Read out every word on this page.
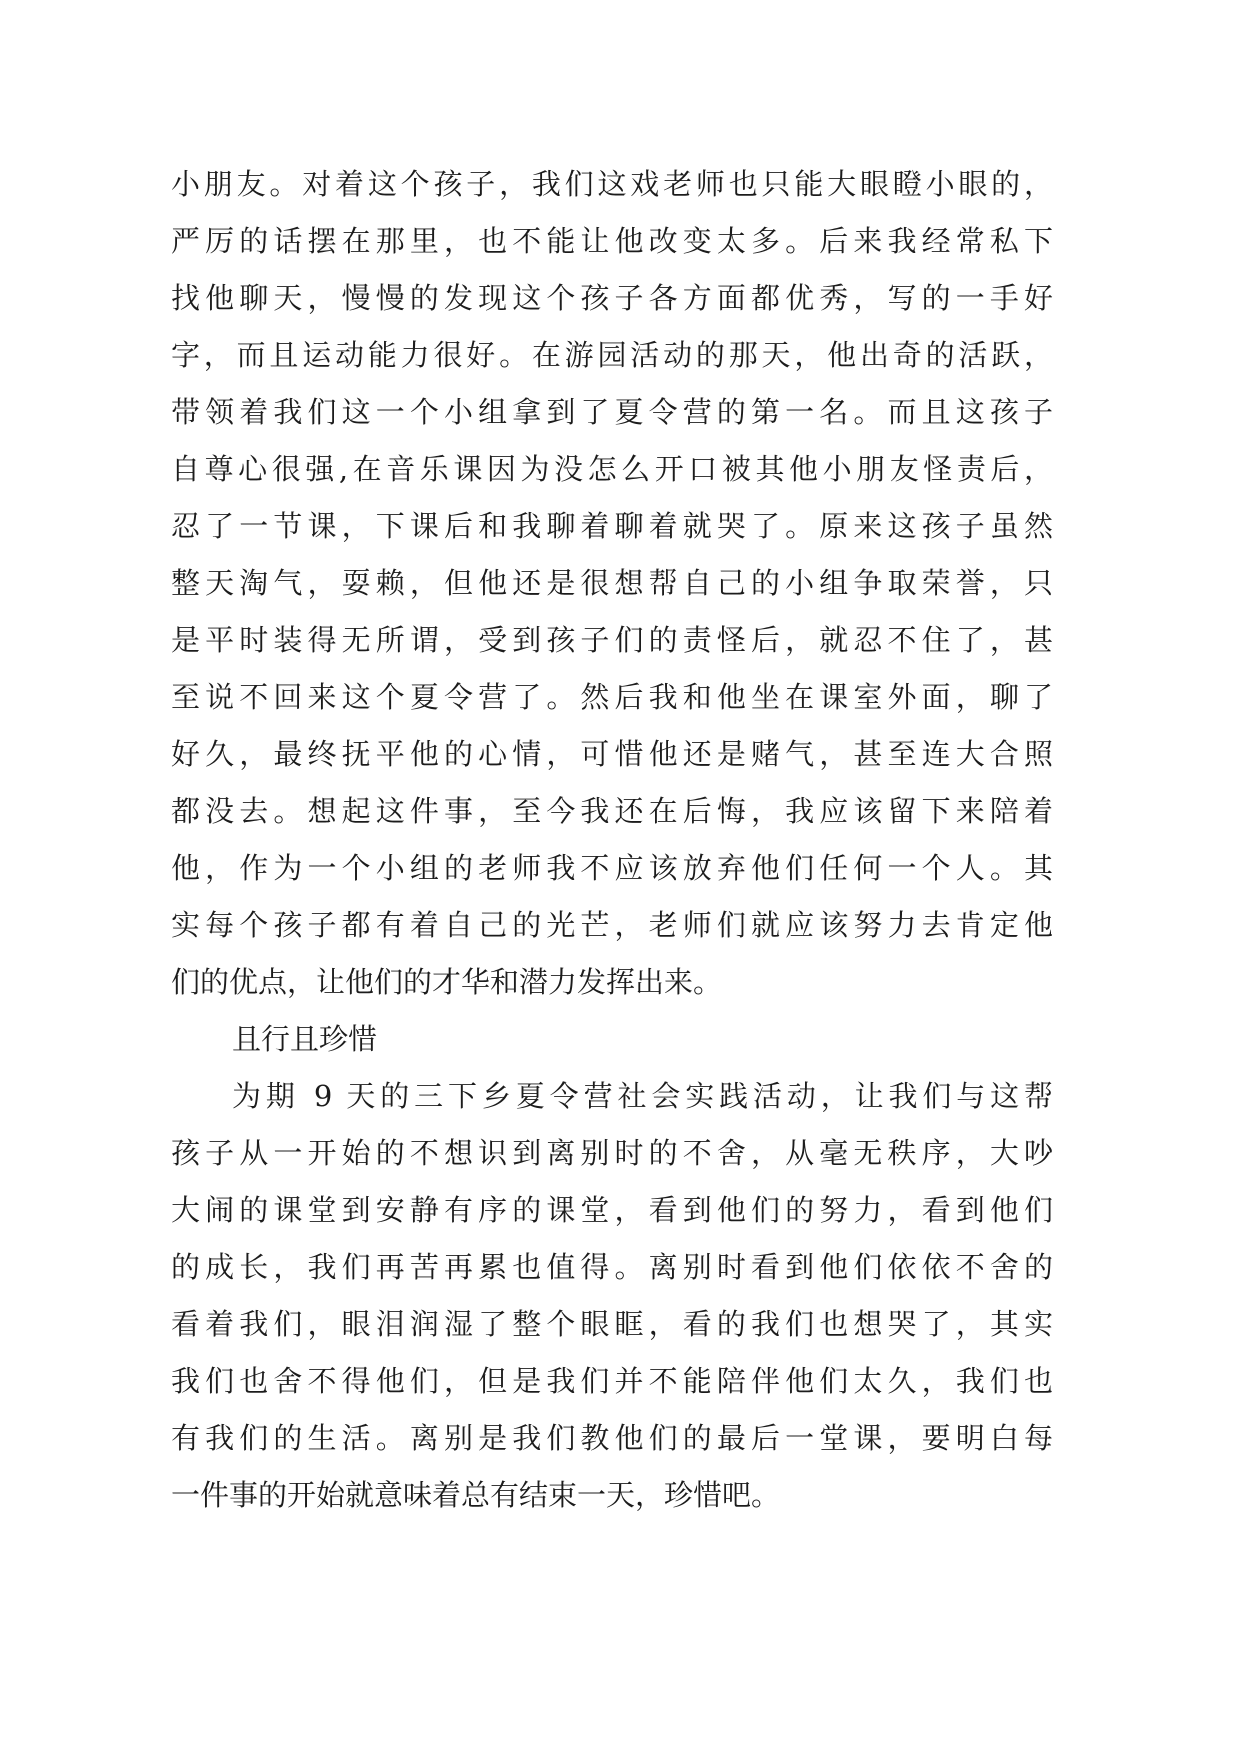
小朋友。对着这个孩子，我们这戏老师也只能大眼瞪小眼的，
严厉的话摆在那里，也不能让他改变太多。后来我经常私下
找他聊天，慢慢的发现这个孩子各方面都优秀，写的一手好
字，而且运动能力很好。在游园活动的那天，他出奇的活跃，
带领着我们这一个小组拿到了夏令营的第一名。而且这孩子
自尊心很强,在音乐课因为没怎么开口被其他小朋友怪责后，
忍了一节课，下课后和我聊着聊着就哭了。原来这孩子虽然
整天淘气，耍赖，但他还是很想帮自己的小组争取荣誉，只
是平时装得无所谓，受到孩子们的责怪后，就忍不住了，甚
至说不回来这个夏令营了。然后我和他坐在课室外面，聊了
好久，最终抚平他的心情，可惜他还是赌气，甚至连大合照
都没去。想起这件事，至今我还在后悔，我应该留下来陪着
他，作为一个小组的老师我不应该放弃他们任何一个人。其
实每个孩子都有着自己的光芒，老师们就应该努力去肯定他
们的优点，让他们的才华和潜力发挥出来。
且行且珍惜
为期 9 天的三下乡夏令营社会实践活动，让我们与这帮
孩子从一开始的不想识到离别时的不舍，从毫无秩序，大吵
大闹的课堂到安静有序的课堂，看到他们的努力，看到他们
的成长，我们再苦再累也值得。离别时看到他们依依不舍的
看着我们，眼泪润湿了整个眼眶，看的我们也想哭了，其实
我们也舍不得他们，但是我们并不能陪伴他们太久，我们也
有我们的生活。离别是我们教他们的最后一堂课，要明白每
一件事的开始就意味着总有结束一天，珍惜吧。
